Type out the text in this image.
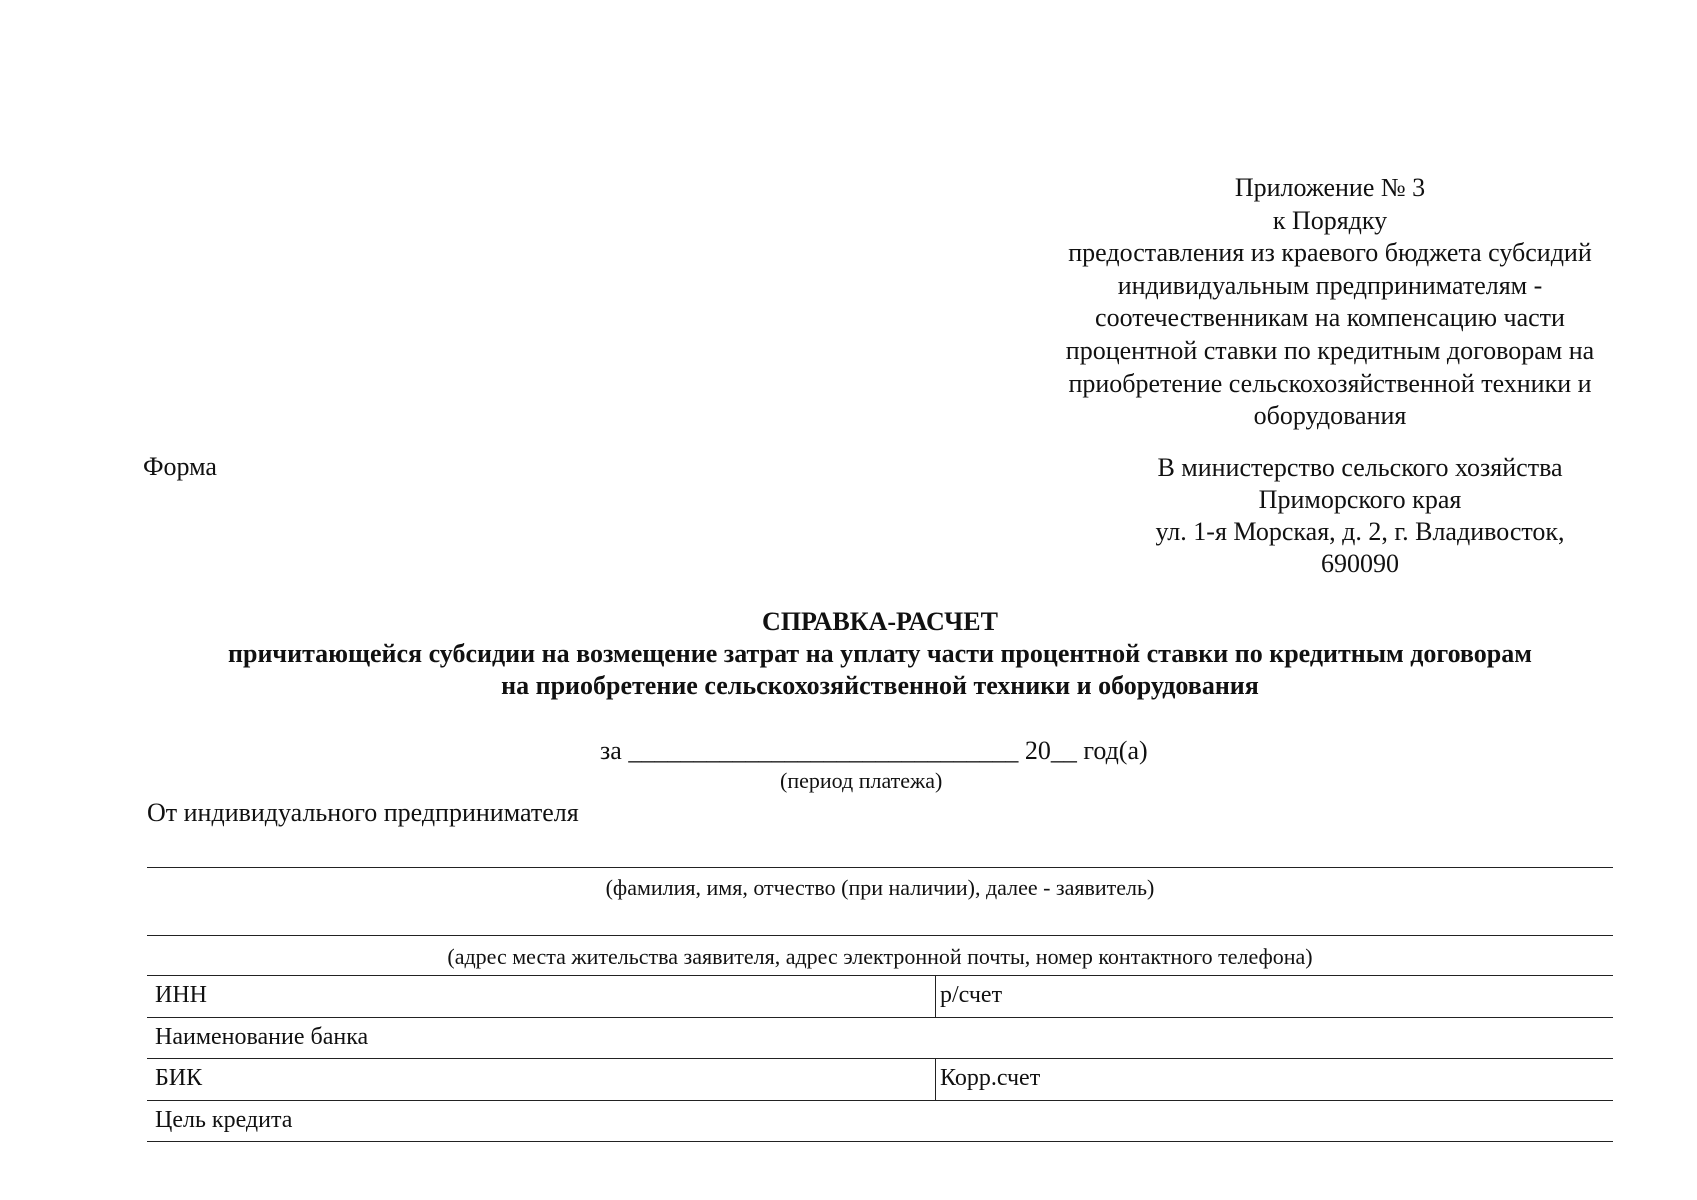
Приложение № 3
к Порядку
предоставления из краевого бюджета субсидий
индивидуальным предпринимателям -
соотечественникам на компенсацию части
процентной ставки по кредитным договорам на
приобретение сельскохозяйственной техники и
оборудования
Форма	В министерство сельского хозяйства
Приморского края
ул. 1-я Морская, д. 2, г. Владивосток,
690090
СПРАВКА-РАСЧЕТ
причитающейся субсидии на возмещение затрат на уплату части процентной ставки по кредитным договорам
на приобретение сельскохозяйственной техники и оборудования
за ______________________________ 20__ год(а)
(период платежа)
От индивидуального предпринимателя
(фамилия, имя, отчество (при наличии), далее - заявитель)
(адрес места жительства заявителя, адрес электронной почты, номер контактного телефона)
ИНН	р/счет
Наименование банка
БИК	Корр.счет
Цель кредита
